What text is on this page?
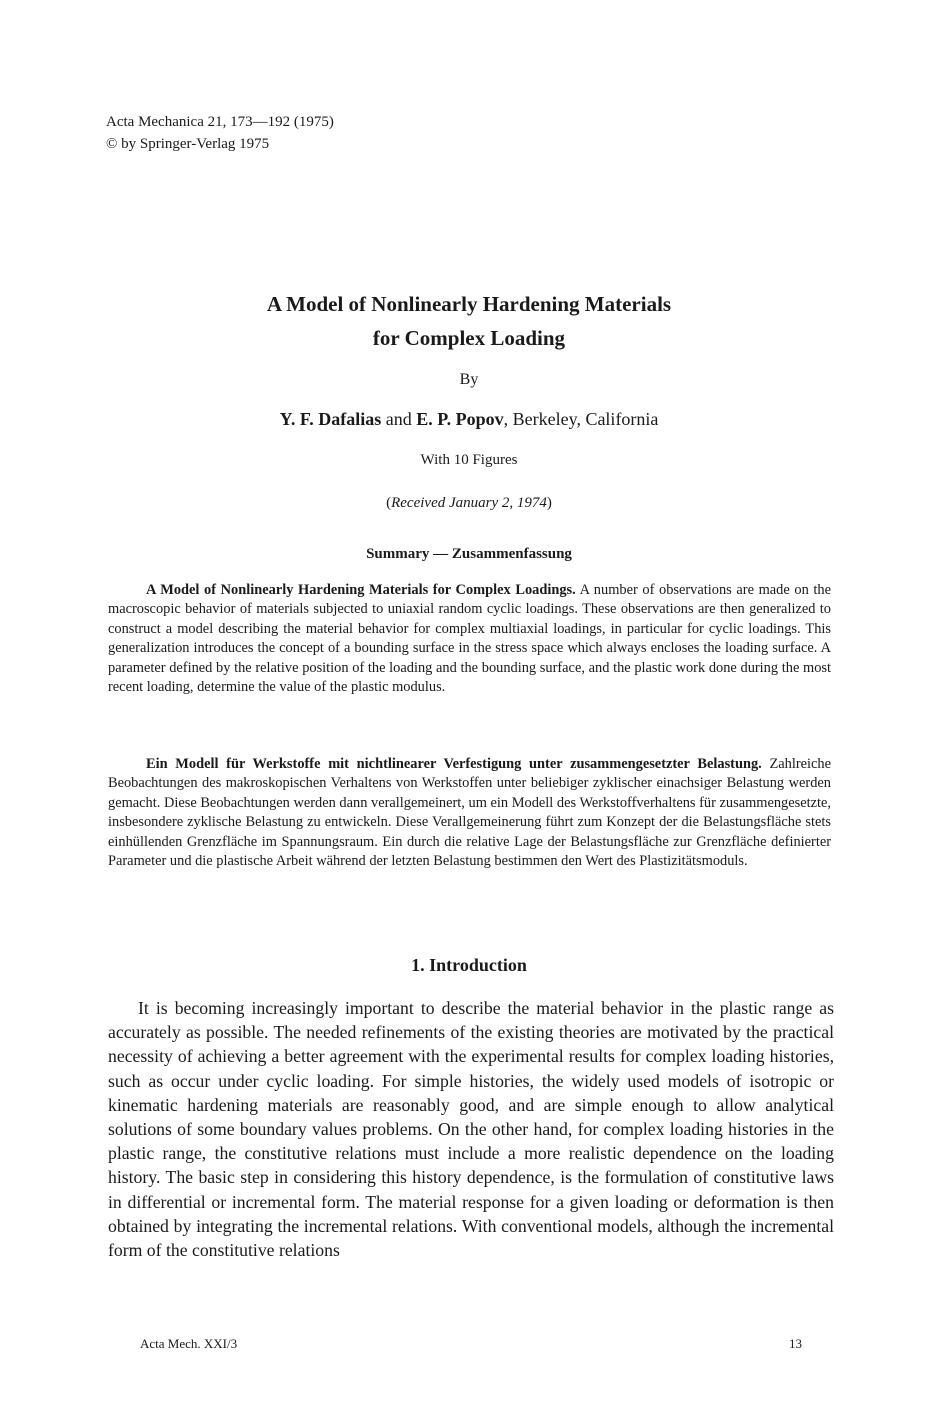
Acta Mechanica 21, 173—192 (1975)
© by Springer-Verlag 1975
A Model of Nonlinearly Hardening Materials
for Complex Loading
By
Y. F. Dafalias and E. P. Popov, Berkeley, California
With 10 Figures
(Received January 2, 1974)
Summary — Zusammenfassung

A Model of Nonlinearly Hardening Materials for Complex Loadings. A number of observations are made on the macroscopic behavior of materials subjected to uniaxial random cyclic loadings. These observations are then generalized to construct a model describing the material behavior for complex multiaxial loadings, in particular for cyclic loadings. This generalization introduces the concept of a bounding surface in the stress space which always encloses the loading surface. A parameter defined by the relative position of the loading and the bounding surface, and the plastic work done during the most recent loading, determine the value of the plastic modulus.

Ein Modell für Werkstoffe mit nichtlinearer Verfestigung unter zusammengesetzter Belastung. Zahlreiche Beobachtungen des makroskopischen Verhaltens von Werkstoffen unter beliebiger zyklischer einachsiger Belastung werden gemacht. Diese Beobachtungen werden dann verallgemeinert, um ein Modell des Werkstoffverhaltens für zusammengesetzte, insbesondere zyklische Belastung zu entwickeln. Diese Verallgemeinerung führt zum Konzept der die Belastungsfläche stets einhüllenden Grenzfläche im Spannungsraum. Ein durch die relative Lage der Belastungsfläche zur Grenzfläche definierter Parameter und die plastische Arbeit während der letzten Belastung bestimmen den Wert des Plastizitätsmoduls.

1. Introduction

It is becoming increasingly important to describe the material behavior in the plastic range as accurately as possible. The needed refinements of the existing theories are motivated by the practical necessity of achieving a better agreement with the experimental results for complex loading histories, such as occur under cyclic loading. For simple histories, the widely used models of isotropic or kinematic hardening materials are reasonably good, and are simple enough to allow analytical solutions of some boundary values problems. On the other hand, for complex loading histories in the plastic range, the constitutive relations must include a more realistic dependence on the loading history. The basic step in considering this history dependence, is the formulation of constitutive laws in differential or incremental form. The material response for a given loading or deformation is then obtained by integrating the incremental relations. With conventional models, although the incremental form of the constitutive relations

Acta Mech. XXI/3	13
